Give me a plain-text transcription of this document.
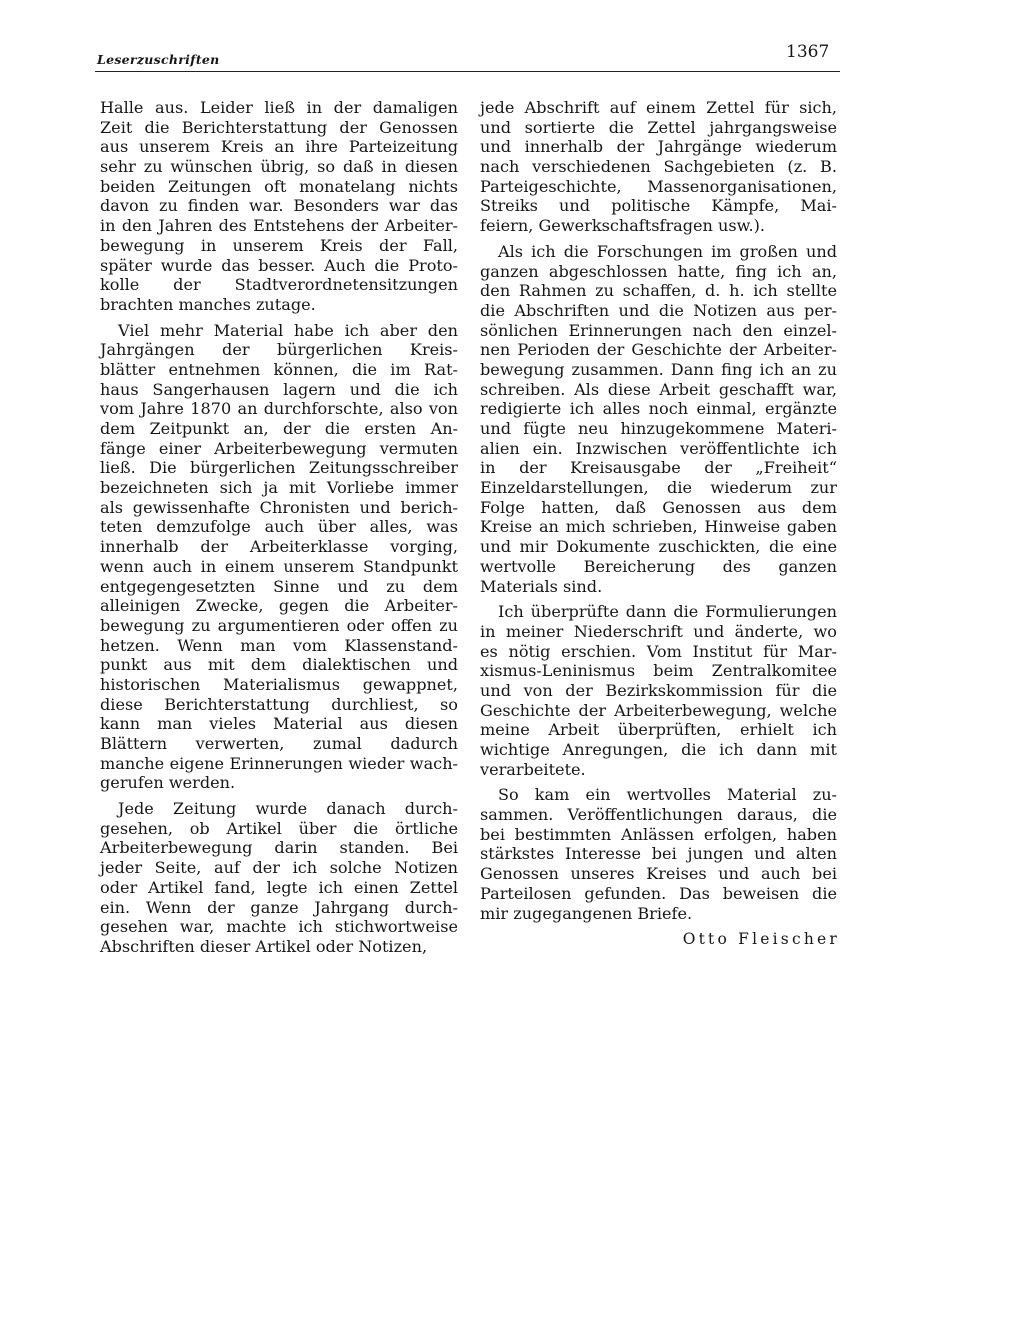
Leserzuschriften	1367
Halle aus. Leider ließ in der damaligen
Zeit die Berichterstattung der Genossen
aus unserem Kreis an ihre Parteizeitung
sehr zu wünschen übrig, so daß in diesen
beiden Zeitungen oft monatelang nichts
davon zu finden war. Besonders war das
in den Jahren des Entstehens der Arbeiter-
bewegung in unserem Kreis der Fall,
später wurde das besser. Auch die Proto-
kolle der Stadtverordnetensitzungen
brachten manches zutage.
Viel mehr Material habe ich aber den
Jahrgängen der bürgerlichen Kreis-
blätter entnehmen können, die im Rat-
haus Sangerhausen lagern und die ich
vom Jahre 1870 an durchforschte, also von
dem Zeitpunkt an, der die ersten An-
fänge einer Arbeiterbewegung vermuten
ließ. Die bürgerlichen Zeitungsschreiber
bezeichneten sich ja mit Vorliebe immer
als gewissenhafte Chronisten und berich-
teten demzufolge auch über alles, was
innerhalb der Arbeiterklasse vorging,
wenn auch in einem unserem Standpunkt
entgegengesetzten Sinne und zu dem
alleinigen Zwecke, gegen die Arbeiter-
bewegung zu argumentieren oder offen zu
hetzen. Wenn man vom Klassenstand-
punkt aus mit dem dialektischen und
historischen Materialismus gewappnet,
diese Berichterstattung durchliest, so
kann man vieles Material aus diesen
Blättern verwerten, zumal dadurch
manche eigene Erinnerungen wieder wach-
gerufen werden.
Jede Zeitung wurde danach durch-
gesehen, ob Artikel über die örtliche
Arbeiterbewegung darin standen. Bei
jeder Seite, auf der ich solche Notizen
oder Artikel fand, legte ich einen Zettel
ein. Wenn der ganze Jahrgang durch-
gesehen war, machte ich stichwortweise
Abschriften dieser Artikel oder Notizen,
jede Abschrift auf einem Zettel für sich,
und sortierte die Zettel jahrgangsweise
und innerhalb der Jahrgänge wiederum
nach verschiedenen Sachgebieten (z. B.
Parteigeschichte, Massenorganisationen,
Streiks und politische Kämpfe, Mai-
feiern, Gewerkschaftsfragen usw.).
Als ich die Forschungen im großen und
ganzen abgeschlossen hatte, fing ich an,
den Rahmen zu schaffen, d. h. ich stellte
die Abschriften und die Notizen aus per-
sönlichen Erinnerungen nach den einzel-
nen Perioden der Geschichte der Arbeiter-
bewegung zusammen. Dann fing ich an zu
schreiben. Als diese Arbeit geschafft war,
redigierte ich alles noch einmal, ergänzte
und fügte neu hinzugekommene Materi-
alien ein. Inzwischen veröffentlichte ich
in der Kreisausgabe der „Freiheit“
Einzeldarstellungen, die wiederum zur
Folge hatten, daß Genossen aus dem
Kreise an mich schrieben, Hinweise gaben
und mir Dokumente zuschickten, die eine
wertvolle Bereicherung des ganzen
Materials sind.
Ich überprüfte dann die Formulierungen
in meiner Niederschrift und änderte, wo
es nötig erschien. Vom Institut für Mar-
xismus-Leninismus beim Zentralkomitee
und von der Bezirkskommission für die
Geschichte der Arbeiterbewegung, welche
meine Arbeit überprüften, erhielt ich
wichtige Anregungen, die ich dann mit
verarbeitete.
So kam ein wertvolles Material zu-
sammen. Veröffentlichungen daraus, die
bei bestimmten Anlässen erfolgen, haben
stärkstes Interesse bei jungen und alten
Genossen unseres Kreises und auch bei
Parteilosen gefunden. Das beweisen die
mir zugegangenen Briefe.
Otto Fleischer
